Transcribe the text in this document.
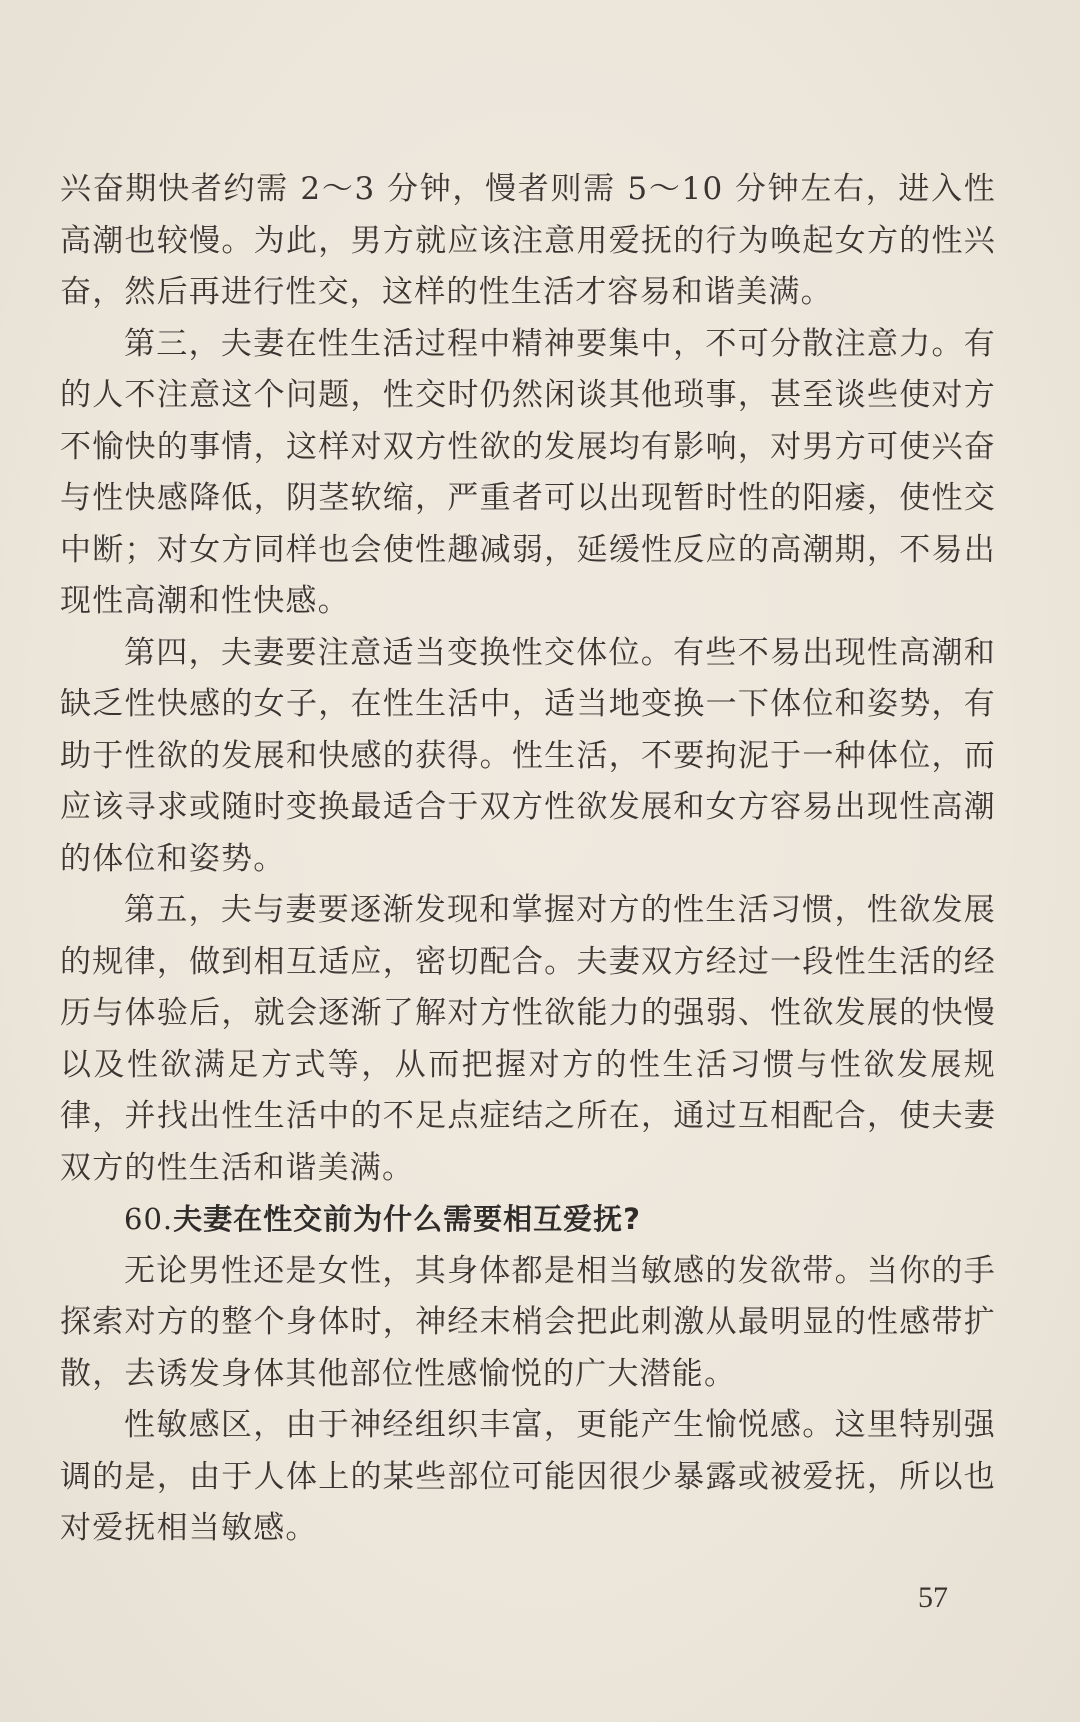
兴奋期快者约需 2～3 分钟，慢者则需 5～10 分钟左右，进入性高潮也较慢。为此，男方就应该注意用爱抚的行为唤起女方的性兴奋，然后再进行性交，这样的性生活才容易和谐美满。

第三，夫妻在性生活过程中精神要集中，不可分散注意力。有的人不注意这个问题，性交时仍然闲谈其他琐事，甚至谈些使对方不愉快的事情，这样对双方性欲的发展均有影响，对男方可使兴奋与性快感降低，阴茎软缩，严重者可以出现暂时性的阳痿，使性交中断；对女方同样也会使性趣减弱，延缓性反应的高潮期，不易出现性高潮和性快感。

第四，夫妻要注意适当变换性交体位。有些不易出现性高潮和缺乏性快感的女子，在性生活中，适当地变换一下体位和姿势，有助于性欲的发展和快感的获得。性生活，不要拘泥于一种体位，而应该寻求或随时变换最适合于双方性欲发展和女方容易出现性高潮的体位和姿势。

第五，夫与妻要逐渐发现和掌握对方的性生活习惯，性欲发展的规律，做到相互适应，密切配合。夫妻双方经过一段性生活的经历与体验后，就会逐渐了解对方性欲能力的强弱、性欲发展的快慢以及性欲满足方式等，从而把握对方的性生活习惯与性欲发展规律，并找出性生活中的不足点症结之所在，通过互相配合，使夫妻双方的性生活和谐美满。

60.夫妻在性交前为什么需要相互爱抚?

无论男性还是女性，其身体都是相当敏感的发欲带。当你的手探索对方的整个身体时，神经末梢会把此刺激从最明显的性感带扩散，去诱发身体其他部位性感愉悦的广大潜能。

性敏感区，由于神经组织丰富，更能产生愉悦感。这里特别强调的是，由于人体上的某些部位可能因很少暴露或被爱抚，所以也对爱抚相当敏感。

57
